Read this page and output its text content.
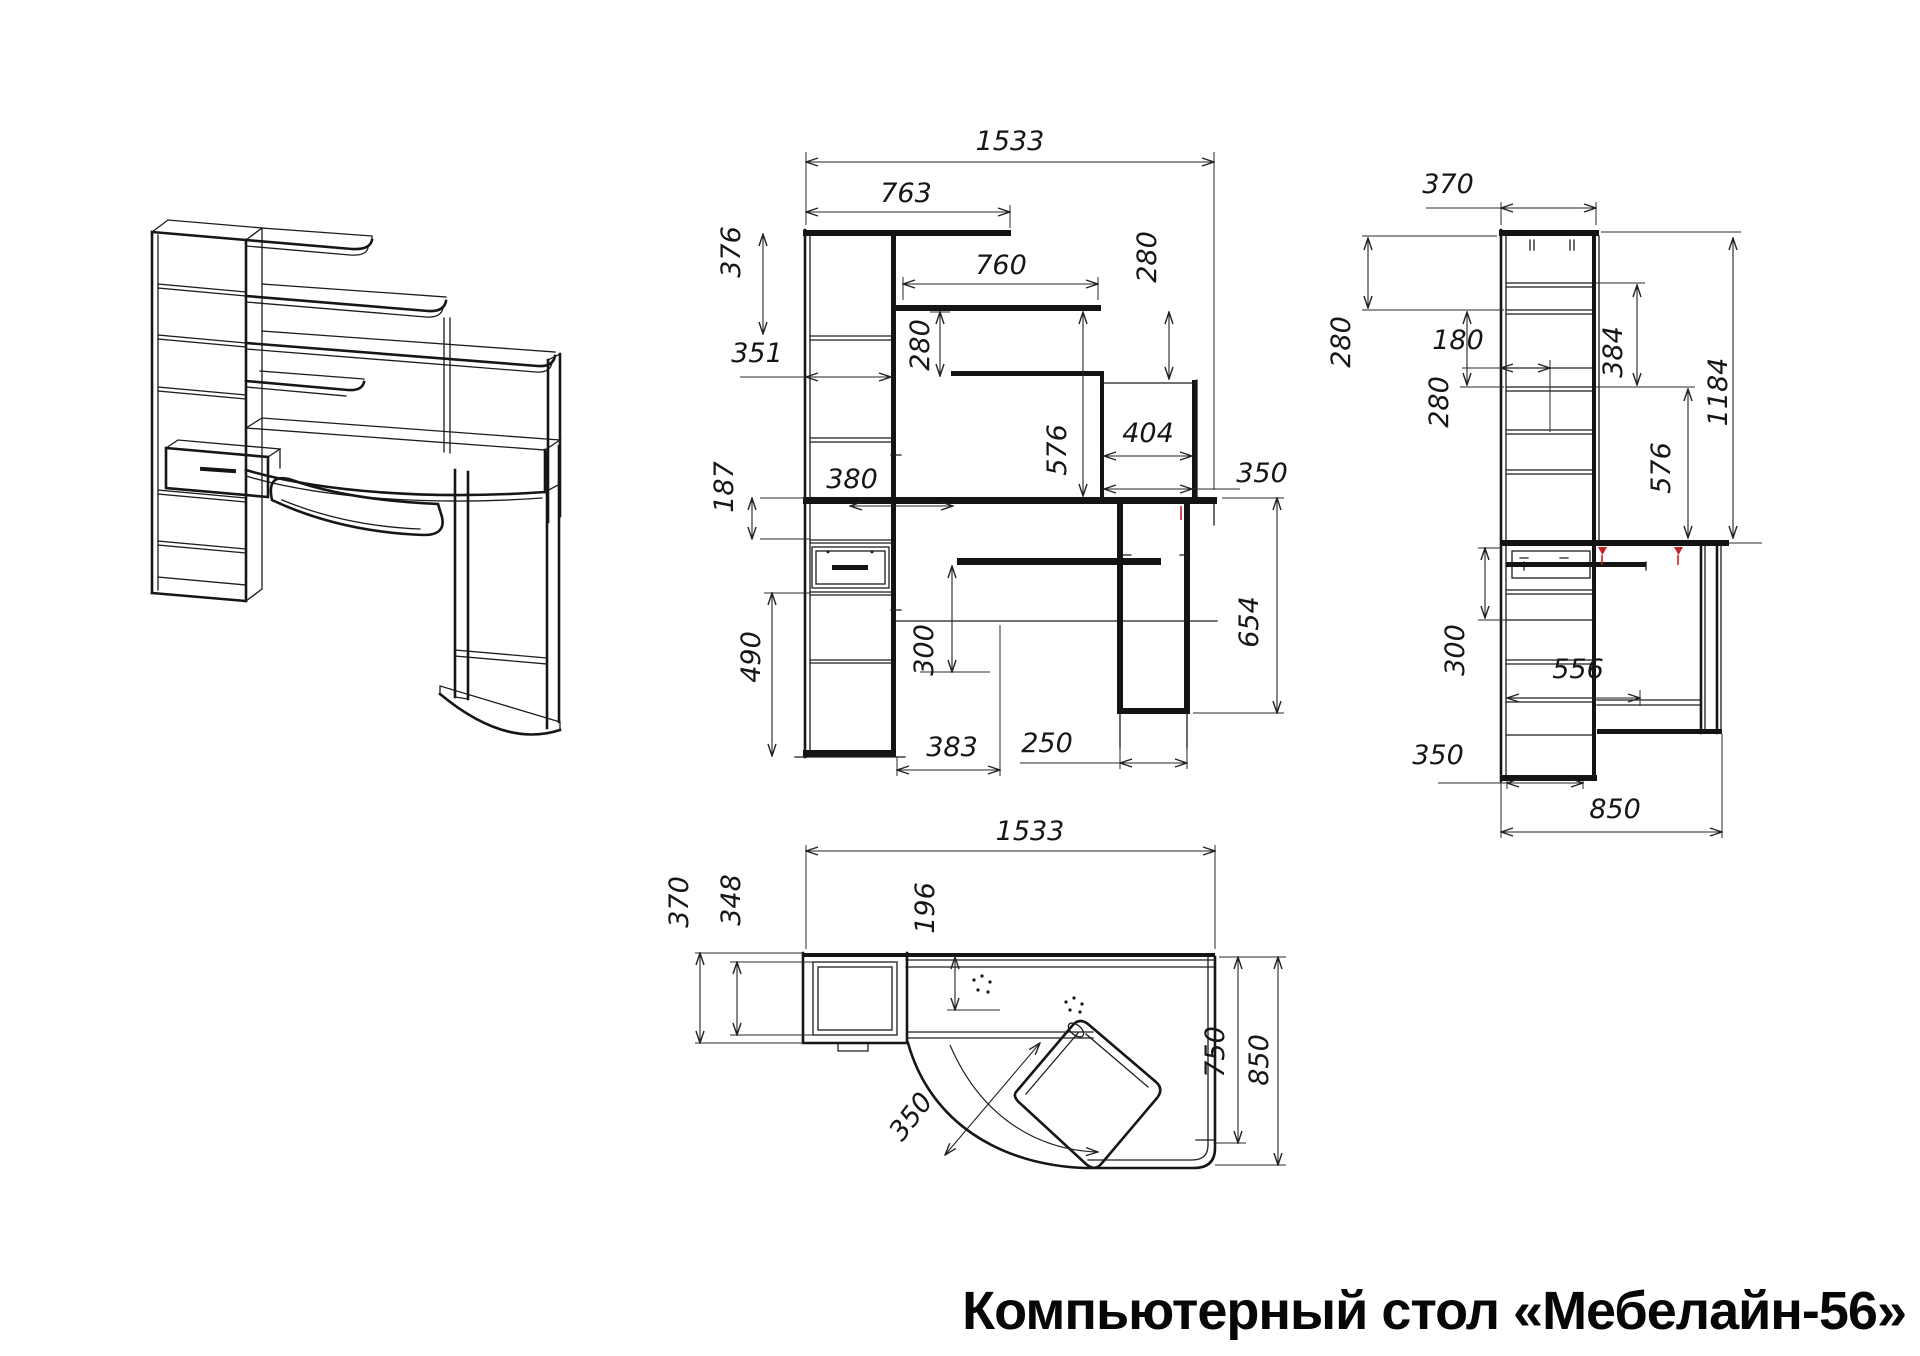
1533
763
760
376
280
280
351
380
404
576	350
187
490	300
383 250
654
370
280	180
280
384
576
1184
300	556
350
850
1533
370 348	196
350
750 850
Компьютерный стол «Мебелайн-56»
